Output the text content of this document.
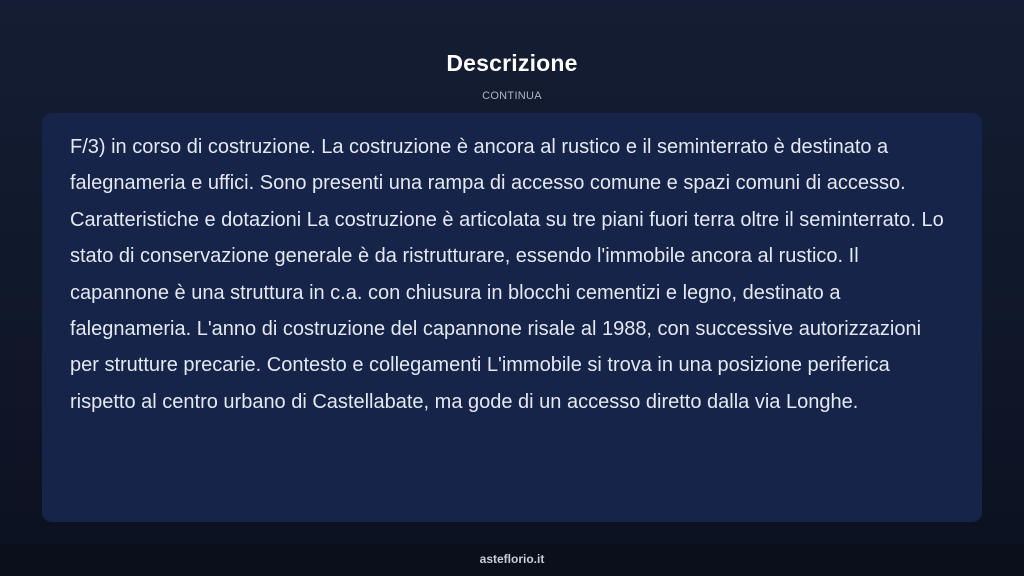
Descrizione
CONTINUA

F/3) in corso di costruzione. La costruzione è ancora al rustico e il seminterrato è destinato a falegnameria e uffici. Sono presenti una rampa di accesso comune e spazi comuni di accesso. Caratteristiche e dotazioni La costruzione è articolata su tre piani fuori terra oltre il seminterrato. Lo stato di conservazione generale è da ristrutturare, essendo l'immobile ancora al rustico. Il capannone è una struttura in c.a. con chiusura in blocchi cementizi e legno, destinato a falegnameria. L'anno di costruzione del capannone risale al 1988, con successive autorizzazioni per strutture precarie. Contesto e collegamenti L'immobile si trova in una posizione periferica rispetto al centro urbano di Castellabate, ma gode di un accesso diretto dalla via Longhe.

asteflorio.it
